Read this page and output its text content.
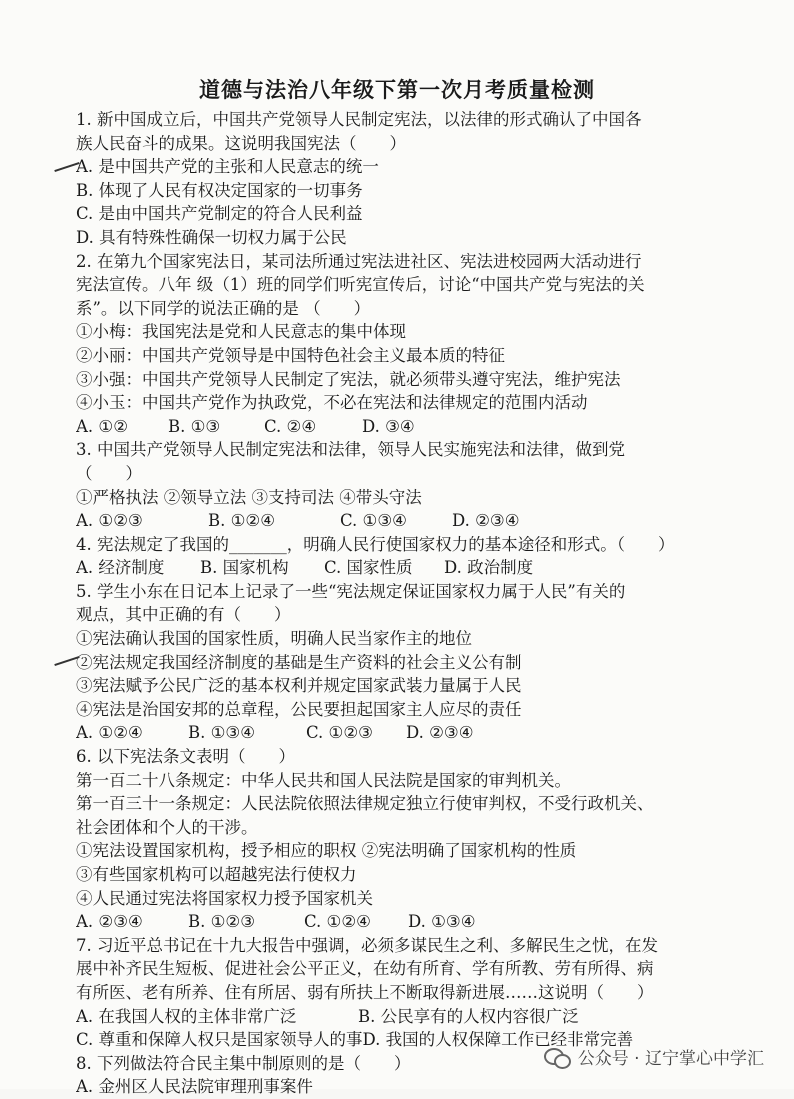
道德与法治八年级下第一次月考质量检测
1. 新中国成立后，中国共产党领导人民制定宪法，以法律的形式确认了中国各
族人民奋斗的成果。这说明我国宪法（　　）
A. 是中国共产党的主张和人民意志的统一
B. 体现了人民有权决定国家的一切事务
C. 是由中国共产党制定的符合人民利益
D. 具有特殊性确保一切权力属于公民
2. 在第九个国家宪法日，某司法所通过宪法进社区、宪法进校园两大活动进行
宪法宣传。八年 级（1）班的同学们听宪宣传后，讨论“中国共产党与宪法的关
系”。以下同学的说法正确的是 （　　）
①小梅：我国宪法是党和人民意志的集中体现
②小丽：中国共产党领导是中国特色社会主义最本质的特征
③小强：中国共产党领导人民制定了宪法，就必须带头遵守宪法，维护宪法
④小玉：中国共产党作为执政党，不必在宪法和法律规定的范围内活动
A. ①②	B. ①③	C. ②④	D. ③④
3. 中国共产党领导人民制定宪法和法律，领导人民实施宪法和法律，做到党
（　　）
①严格执法 ②领导立法 ③支持司法 ④带头守法
A. ①②③	B. ①②④	C. ①③④	D. ②③④
4. 宪法规定了我国的_______，明确人民行使国家权力的基本途径和形式。（　　）
A. 经济制度	B. 国家机构	C. 国家性质	D. 政治制度
5. 学生小东在日记本上记录了一些“宪法规定保证国家权力属于人民”有关的
观点，其中正确的有（　　）
①宪法确认我国的国家性质，明确人民当家作主的地位
②宪法规定我国经济制度的基础是生产资料的社会主义公有制
③宪法赋予公民广泛的基本权利并规定国家武装力量属于人民
④宪法是治国安邦的总章程，公民要担起国家主人应尽的责任
A. ①②④	B. ①③④	C. ①②③	D. ②③④
6. 以下宪法条文表明（　　）
第一百二十八条规定：中华人民共和国人民法院是国家的审判机关。
第一百三十一条规定：人民法院依照法律规定独立行使审判权，不受行政机关、
社会团体和个人的干涉。
①宪法设置国家机构，授予相应的职权 ②宪法明确了国家机构的性质
③有些国家机构可以超越宪法行使权力
④人民通过宪法将国家权力授予国家机关
A. ②③④	B. ①②③	C. ①②④	D. ①③④
7. 习近平总书记在十九大报告中强调，必须多谋民生之利、多解民生之忧，在发
展中补齐民生短板、促进社会公平正义，在幼有所育、学有所教、劳有所得、病
有所医、老有所养、住有所居、弱有所扶上不断取得新进展……这说明（　　）
A. 在我国人权的主体非常广泛	B. 公民享有的人权内容很广泛
C. 尊重和保障人权只是国家领导人的事 D. 我国的人权保障工作已经非常完善
8. 下列做法符合民主集中制原则的是（　　）
A. 金州区人民法院审理刑事案件
公众号 · 辽宁掌心中学汇
